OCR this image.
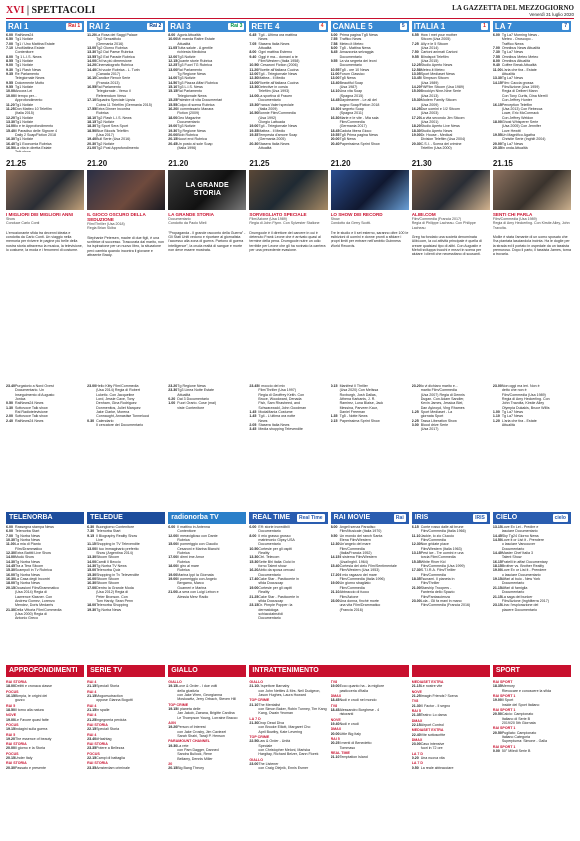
XVI | SPETTACOLI	LA GAZZETTA DEL MEZZOGIORNO
Venerdì 31 luglio 2020
RAI 1	Rai 1
6.00 RaiNews24
6.50 Tg1 Notizie
7.00 Tg1 / Uno Mattina Estate
7.10 UnoMattina Estate
Contenitore
8.00 Tg 1 L.I.S. News
8.55 Tg1 Notizie
9.00 Tg1 Notizie
9.30 Tg1 Flash News
9.35 Re Parlamento
Telegiornale News
9.55 Dolcemente Motto
9.55 Tg1 Notizie
10.00Ancora Lei
10.00Il tempo per...
Approfondimento
11.20Tg1 Notizie
11.25Don Matteo 10 Telefilm
(Italia 2015)
12.20Tg1 Notizie
13.30Tg1 Notizie
14.00Io e te Approfondimento
15.40Il Paradiso delle Signore 4
Daily 2 Soap/Fiction 2018
16.30Tg1 Notizie
16.40Tg1 Economia Rubrica
16.50La vita in diretta Estate
RAI 2	Rai 2
11.20La Rosa dei Saggi Palace
Tg2 Senzatitolo
(Germania 2016)
13.00Tg2 Giorno Rubrica
13.30Tg2 Dal Paese Rubrica
13.55Tg2 Eat Parade Rubrica
14.00Chi ha più dimensione
14.20Cinematografo Rubrica
14.40Chi vuole Rubrica - L. Turin
(Canada 2017)
16.10Candice Renoir Serie
(Francia 2013)
16.55Rai Parlamento
Telegiornale - Verso il
Referendum Verso
17.10Squadra Speciale Lipsia
Cobra 11 Telefilm (Germania 2015)
17.55Extra Dinner Incontra
Rubrica
18.10Tg2 Flash L.I.S. News
18.15Tg2 Notizie
18.30Tg Sport Sera Sport
18.50Blue Bloods Telefilm
(Usa 2017)
19.40Bull Serie (Usa 2016)
20.30Tg2 Notizie
21.00Tg2 Post Approfondimento
RAI 3	Rai 3
8.00 Agorà Attualità
10.00Mi manda Raitre Estate
Attualità
11.05Tutta salute - A gentile
richiesta Medicina
12.00Tg3 Notizie
12.15Quante storie Rubrica
12.25Tg3 Fuori TG Rubrica
13.00Rai Parlamento
Tg Regione News
14.00Tg3 Notizie
14.50Tg3 Piazza Affari Rubrica
15.10Tg3 L.I.S. News
15.15Rai Parlamento
Telegiornale News
15.25Palestre di vita Documentari
15.55Colpo di scena Rubrica
16.20Il commissario Manara
Fiction (2009)
18.00Geo Magazine
Documentario
19.00Tg3 Notizie
19.30Tg Regione News
20.00Blob Rubrica
20.15Nuovi eroi Rubrica
20.45Un posto al sole Soap
(Italia 1996)
RETE 4	4
6.45 Tg4 - Ultima ora mattina
News
7.05 Stasera Italia News
Attualità
8.00 Ogni mattina Esterno
9.40 Oggi è ma... domani a te
Film/Western (Italia 1958)
10.50I Cesaroni Fiction (2006)
11.20Ricette all'italiana Cucina
12.00Tg4 - Telegiornale News
12.30Mattea - Il Medio
13.00Ricette all'italiana Cucina
13.30Detective in corsia
Telefilm (Usa 1993)
14.00La sportiva di Frauen
Documentario
15.30Franca Valeri speciale
(Italia 2009)
16.50Bonnie Film/Commedia
(Usa 1992)
Giorgio Lattuada
19.00Tg4 - Telegiornale News
19.35Mattea - Il Medio
19.35Tempesta d'amore Soap
(Germania 2005)
20.30Stasera Italia News
Attualità
CANALE 5	5
6.00 Prima pagina Tg5 News
7.55 Traffico News
7.58 Meteo.it Meteo
8.00 Tg5 - Mattina News
8.45 Amazzonia selvaggia
Documentario
9.55 La via segreta dei leoni
Documentario
10.55Tg5 - ore 10 News
11.00Forum Classico
13.00Tg5 News
13.40Beautiful Soap
(Usa 1987)
14.10Una vita Soap
(Spagna 2015)
14.45Daydreamer - Le ali del
sogno Soap/Fiction 2018
15.30Il segreto Soap
(Spagna 2011)
16.30Marie e le vite - Mia sala
Film/Commedia
(Germania 2017)
18.45Caduta libera Gioco
19.55Tg5 Prima pagina News
20.00Tg5 News
20.40Paperissima Sprint Show
ITALIA 1	1
6.55 How I met your mother
Sitcom (Usa 2005)
7.25 Ally e le 5 Sitcom
(Usa 2014)
7.50 Cartoni animati Cartoni
9.55 Blindspot Telefilm
(Usa 2015)
12.25Studio Aperto News
12.58Meteo.it Meteo
13.05Sport Mediaset News
13.45I Simpson Sitcom
(Usa 1989)
14.20Fifi/Film Sitcom (Usa 1989)
15.00Brooklyn Nine-Nine Serie
(Usa 2013)
15.30Modern Family Sitcom
(Usa 2009)
16.25Due uomini e 1/2 Sitcom
(Usa 2003)
17.20La vita secondo Jim Sitcom
(Usa 2001)
18.20Studio Aperto Live News
18.30Studio Aperto News
19.00Dr. House - Medical
Division Telefilm (Usa 2004)
20.30C.S.I. - Scena del crimine
Telefilm (Usa 2000)
LA 7	7
6.00 Tg La7 Morning News -
Meteo - Oroscopo -
Traffico News
7.00 Omnibus News Attualità
7.30 Tg La7 News
7.55 Omnibus Meteo Meteo
8.00 Omnibus Attualità
9.40 Coffee Break Attualità
11.00L'aria che tira - Estate
Attualità
13.30Tg La7 News
14.15Film: Caccia grossa
Film/Azione (Usa 1959)
Regia di Delbert Mann
Con Tony Curtis, Dina Merrill
Con Jeffrey Hunter
16.15Perception Telefilm
(Usa 2013) Con Rebecca
Lowe, Eric McCormack
Con Jeffrey Weldon
18.00Ghost Whisperer Serie
(Usa 2005) Con Jennifer
Love Hewitt
19.55Un Magnifico Agatha
Christie Serie (Inghilt 2004)
20.00Tg La7 News
20.35In onda Attualità
21.25
I MIGLIORI DEI MIGLIORI ANNI
Show
Conduce Carlo Conti
L'emozionante sfida tra decenni ideata e condotta da Carlo Conti. Un viaggio nella memoria per rivivere le pagine più belle della nostra storia attraverso la musica, la televisione, lo costume, la moda e i fenomeni di costume.
21.20
IL GIOCO OSCURO DELLA SEDUZIONE
Film/Thriller (Usa 2018)
Regia Brian Skiba
Stephanie Petersen, madre di due figli, è una scrittrice di successo. Trascurata dal marito, non ha ispirazione per un nuovo libro, la situazione però cambia quando incontra il giovane e attraente Brady.
21.20
LA GRANDE STORIA
LA GRANDE STORIA
Documentario
Condotto da Paolo Mieli
"Propaganda - Il grande racconto della Guerra" - Gli Stati Uniti vedono e riportare al giornalista l'accesso alla zona di guerra. Partono di guerra intelligence", la cruda realtà di sangue e morte non deve essere mostrata.
21.25
SORVEGLIATO SPECIALE
Film/Azione (Usa 1989)
Regia di John Flynn. Con Sylvester Stallone
Drumgoole è il direttore del carcere in cui è detenuto Frank Leone che è arrivato quasi al termine della pena. Drumgoole nutre un odio terribile per Leone che gli ha rovinato la carriera per una precedente evasione.
21.20
LO SHOW DEI RECORD
Show
Condotto da Gerry Scotti.
Tre le studio e li set esterno, saranno oltre 100 le esibizioni di uomini e donne pronti a sfidare i propri limiti per entrare nell'ambito Guinness World Records.
21.30
ALIBI.COM
Film/Commedia (Francia 2017)
Regia di Philippe Lacheau. Con Philippe Lacheau
Greg ha fondato una società denominata Alibi.com, la cui attività principale è quella di creare qualsiasi tipo di alibi. Con Augustin e Mehdi sviluppa trucchi e mezzi in scena per aiutare i clienti che necessitano di scusanti.
21.15
SENTI CHI PARLA
Film/Commedia (Usa 1989)
Regia di Amy Heckerling. Con Kirstie Alley, John Travolta.
Mollie è stata l'amante di un uomo sposato che l'ha piantata lasciandola incinta. Ha le doglie per la strada ed il portato in ospedale da un tassista premuroso. Dopo il parto, il tassista James, torna a trovarla.
23.40Purgatorio a Nord Ovest
Documentario. Un
Inseguimento di Augusto
Jonica
0.50 RaiNews24 News
1.30 Sottovoce Talk show
Rai Radiotelevisione
2.00 Sottovoce Talk show
2.40 RaiNews24 News
23.00Hello Kitty Film/Commedia
(Usa 2014) Regia di Robert
Luketic. Con Jacqueline
Lord, Jessie Cave, Tony
Denham, Gina Rodriguez
Donmenitos, Juliet Marquez
Jake Clarke, Morena
Connaught, Annastise Tonnelucci
0.30 Calendario
Il cercatore dei Documentario
23.20Tg Regione News
23.30Tg3 Linea Notte Estate
Attualità
0.20 Dai 3 Documentario
1.00 Fuori Orario. Cose (mai)
viste Contenitore
23.45Il moccio del mix
Film/Thriller (Usa 1997)
Regia di Geoffrey Keith. Con
Bruce, Woodward, Denada
Fish, Sam Rhasheed, and
Schwarzwald, John Goodman
1.45 ModaMania Costume
1.45 Tg4 - L'ultima ora notte
News
2.05 Stasera Italia News
3.45 Media shopping Televendite
0.15 Manifest Il Thriller
(Usa 2020) Con Melissa
Roxburgh, Josh Dallas,
Athena Karkanis, J. R.
Ramirez, Luna Blaise, Jack
Messina, Parveen Kaur,
Daniel Freeman
1.35 Tg5 - Notte News
2.15 Paperissima Sprint Show
23.20Io vi dichiaro marito e...
marito Film/Commedia
(Usa 2007) Regia di Dennis
Dugan. Con Adam Sandler,
Kevin James, Jessica Biel,
Dan Aykroyd, Ving Rhames
1.25 Sport Mediaset - La
giornata Sport
2.25 Tassa Liberation Show
3.00 Blood drive Serie
(Usa 2017)
23.00Non oggi ma ieri. Non è
detto che non è
Film/Commedia (Usa 1989)
Regia di Amy Heckerling. Con
John Travolta, Kirstie Alley
Olympia Dukakis, Bruce Willis
1.00 Tg La7 News
1.10 Tg La7 News
1.20 L'aria che tira - Estate
Attualità
TELENORBA
6.00 Rassegna stampa News
6.00 Telenorba Start
7.00 Tg Norba News
10.30Tg Norba News
11.00La mia di Pianto
Film/Drammatico
12.30Extra Battiti Live Show
14.00Mudù Show
14.30Tg Norba News
14.45Tra a Tera Sitcom
15.30Scampoli in Tv Rubrica
16.00Tg Norba News
16.30La Casa degli Incontri
18.00Tg Norba News
20.15Occasioni Film/Drammatico
(Usa 2014) Regia di
Lawrence Klasner. Con
Andrew Gomez, Lorenzo
Mendez, Doris Medarris
21.30Della Vittoria Film/Commedia
(Usa 2000) Regia di
Antonio Greco
TELEDUE
6.30 Buongiorno Contenitore
7.30 Telenorba Start
9.15 Il Biography Reality Show
Live
11.15Shopping in TV Televendite
13.00Il tuo immaginario preferito
Show (Argentina 2014)
13.30Sitcom Sitcom
14.00Camili Il Beccio
14.30Tg Norba TV News
15.00Telenorba Quiz
15.30Shopping in Tv Televendite
16.00Sitcom Sitcom
16.30Sitcom Sitcom
17.00Dentro la Grande Moda
(Usa 2012) Regia di
Peter Bronson. Con
Tom Hardy, Sean Penn
18.00Telenorba Shopping
19.30Tg Norba News
radionorba TV
6.00 Il mattino in Antenna
Contenitore
12.00Il meraviglioso con Dante
Rubrica
15.00Il pomeriggio con Claudio
Cesaroni e Marina Bianchi
Rubrica
17.00Il dirmi ime Amor
Rubrica
18.00Il giro al mare
Rubrica
19.00Marina Ippi la Giornata
19.00Il pomeriggio con Angelo
Bergamo, Marco
Guarneri e Marina
21.00La sera con Luigi Lebon e
Alessia Merz Radio
REAL TIME	Real Time
6.00 Eff: storie incredibili
Documentario
8.00 Il mio grasso grosso
matrimonio Gipsy USA
Documentario
10.50Cortesie per gli ospiti
Reality
13.30Ctrl. Telecom
15.30Sette Bhl italia: Dolci in
forno Talent show
16.20Abito da sposa cercasi
Documentario
17.40Cake Star - Pasticcerie in
sfida Docusoap
19.00Cortesie per gli ospiti
Reality
21.25Cake Star - Pasticcerie in
sfida Docusoap
23.15Dr. Pimple Popper: la
dermatologa
schiacciabrufoli
Documentario
RAI MOVIE	Rai
8.00 Angeli senza Paradiso
Film/Musicale (Italia 1970)
9.50 Un mondo del ranch Santa
Elena Film/Western
12.30Un'angelo del mare
Film/Commedia
(Italia/Francia 1952)
14.15Il sistema Film/Western
(Usa/Inghil. 1964)
15.40Cortesia del cielo Film/Sentimentale
Film/Western (Usa 1953)
17.20Il mio ragazzo del mare
Film/Commedia (Italia 1996)
19.00Un giorno sbagliato
Film/Commedia
21.10Abbraccio di fuoco
Film/Azione
23.00Una donna, finché morte
una vita Film/Drammatico
(Francia 2016)
IRIS	IRIS
6.15 Conte rosso dalle ali brune
Film/Commedia (Italia 1966)
11.10Jackie, lo zio Ciuccio
Film/Commedia
12.30Non gridate piace
Film/Western (Italia 1963)
13.15Pest ice - Tre uomini e una
torcia Film/Commedia
15.35White River Kid
Film/Commedia (Usa 1999)
17.30S.T.I.R.A. Film/Thriller
Film/Commedia
18.35Tsunami. Il pianeta in
Film/Thriller
21.00Starship Troopers -
Fanteria dello Spazio
Film/Fantascienza
23.00Lola - Gli fa mani in mano
Film/Commedia (Francia 2016)
CIELO	cielo
13.15Love Ex Lei - Predire e
lasciare Documentario
14.45Sky Tg24 Giorno News
14.50Love it or List it - Prendere
o lasciare Vancouver
Documentario
14.40Master Chef Italia 3
Talent Show
16.15Fratelli in affari Documentary
18.15Brother vs. Brother Reality
19.00Love Ex or List it - Prendere
o lasciare Documentario
19.15Affari al buio - New York
Documentario
21.15Affari di famiglia
Documentario
21.15La saga del bunker
Film/Azione (Inghilterra 2017)
23.15Lina: l'esplorazione del
piacere Documentario
APPROFONDIMENTI
RAI STORIA
18.00Delitti e cronaca classe
FOCUS
16.15Bimpia, le origini dei
gozzo
RAI 5
18.50Il torno alla natura
NOVE
19.00Le Favore quasi fatte
FOCUS
19.15Indagini sulla guerra
RAI 5
19.20The essence of beauty
RAI STORIA
20.00Il giorno e la Storia
FOCUS
20.15Under Italy
RAI STORIA
20.30Passato e presente
SERIE TV
RAI 4
21.15Speciali Storia
RAI 4
21.15Mogoesutraction
oppose Gianna Bogotti
RAI 4
21.15In spalle
RAI 4
21.25Ingegneria perduta
RAI STORIA
22.15Speciali Storia
RAI 4
23.40#Hashtag
RAI STORIA
23.35Potere a Bellezza
FOCUS
22.15Campi di battaglia
RAI STORIA
23.35Amsterdam criminale
GIALLO
GIALLO
19.15Love & Order - I due volti
della giustizia
con Jake Wren, Georgianna
Moskowitz, Jerry Orbach, Steven Hill
TOP CRIME
19.15Il pianeta delle
Jan Jakob, Zaeana, Brigitte Cardina
Le Thompson Young, Lorraine Bracco
AXN
19.20Person of Interest
con Jake Crosby, Jim Caviezel
Sarah Shahi, Taraji P. Henson
PARAMOUNT CHANNEL
19.30La rete
con Pam Dagger, Danned
Sandra Bullock, Rene
Bellamy, Dennis Miller
20
20.15Big Bang Theory
INTRATTENIMENTO
GIALLO
21.10L'ispettore Barnaby
con John Nettles & Mrs. Neil Dudgeon,
Jason Hughes, Laura Howard
TOP CRIME
21.10The Mentalist
con Simon Baker, Robin Tunney, Tim Kang
Kang, Owain Yeoman
LA 7 D
21.30Drop Dead Diva
con Brooke Elliott, Margaret Cho
April Bowlby, Kate Levering
TOP CRIME
22.50Law & Order - Unità
Speciale
con Christopher Meloni, Mariska
Hargitay, Richard Belzer, Dann Florek
GIALLO
23.00The Listener
con Craig Olejnik, Ennis Esmer
TV8
19.00Ecco quanto ha - la migliore
pasticceria d'Italia
DMAX
18.45Nudi e crudi nel mondo
TV8
18.45Alessandro Borghese - 4
ristoranti
NOVE
19.40Nudi e crudi
DMAX
20.00Little Big Italy
RAI 5
20.25I menti di Benedetto
Tommaso
REAL TIME
21.10Temptation Island
MEDIASET EXTRA
21.15Le nostre vite
NOVE
21.25Imagin Friends? Scena
TV8
21.30X Factor - Il segno
RAI 5
21.35Teatro: Lo dama
DMAX
22.15Airport Control
MEDIASET EXTRA
22.40Vite sottoscritte
DMAX
23.00Caso intensive
fuori in 72 ore
LA 7 D
0.20 Una nuova vita
LA 7 D
0.50 La reale abbracciare
SPORT
RAI SPORT
18.35Memory
Rievocare e conoscere la sfida
RAI SPORT 1
19.00Il Sport
Inside del Sport Italiano
RAI SPORT 1
20.50Calcio: Campionato
Italiano di Serie B
2019/20 5th Giornata
RAI SPORT 1
20.50Pugilato: Campionato
Italiano Categoria
Superpiuma: Simone - Galla
RAI SPORT 1
0.00 50° Miledi Serie B
